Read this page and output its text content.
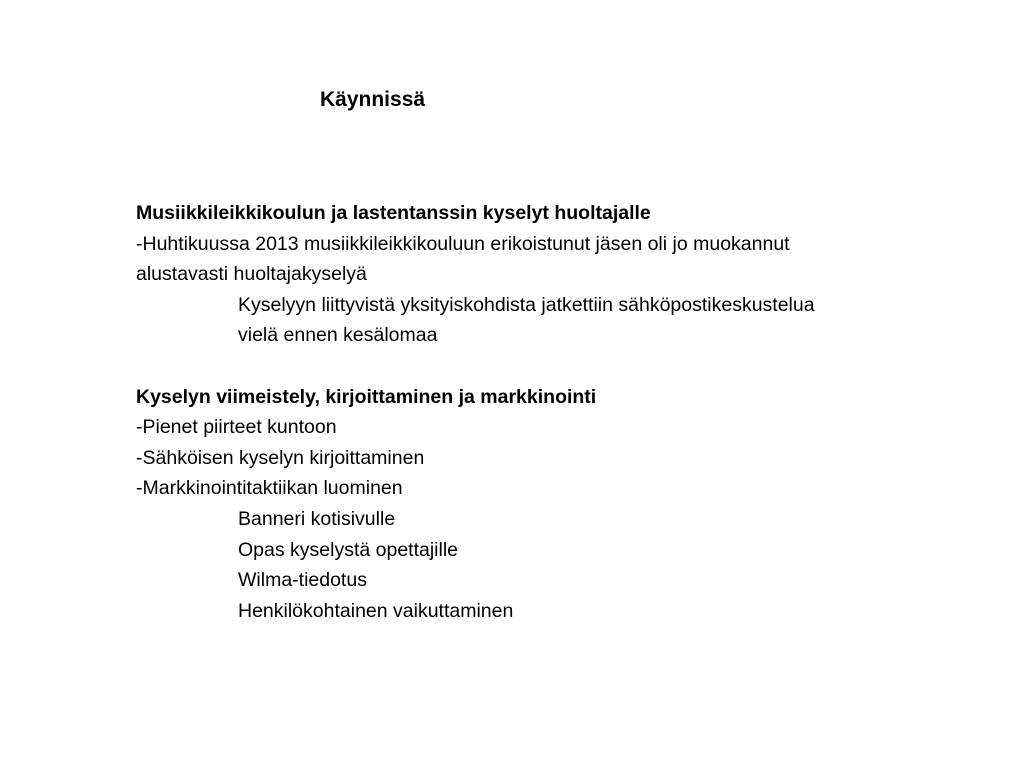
Käynnissä

Musiikkileikkikoulun ja lastentanssin kyselyt huoltajalle

-Huhtikuussa 2013 musiikkileikkikouluun erikoistunut jäsen oli jo muokannut

alustavasti huoltajakyselyä

Kyselyyn liittyvistä yksityiskohdista jatkettiin sähköpostikeskustelua

vielä ennen kesälomaa

Kyselyn viimeistely, kirjoittaminen ja markkinointi

-Pienet piirteet kuntoon

-Sähköisen kyselyn kirjoittaminen

-Markkinointitaktiikan luominen

Banneri kotisivulle

Opas kyselystä opettajille

Wilma-tiedotus

Henkilökohtainen vaikuttaminen
